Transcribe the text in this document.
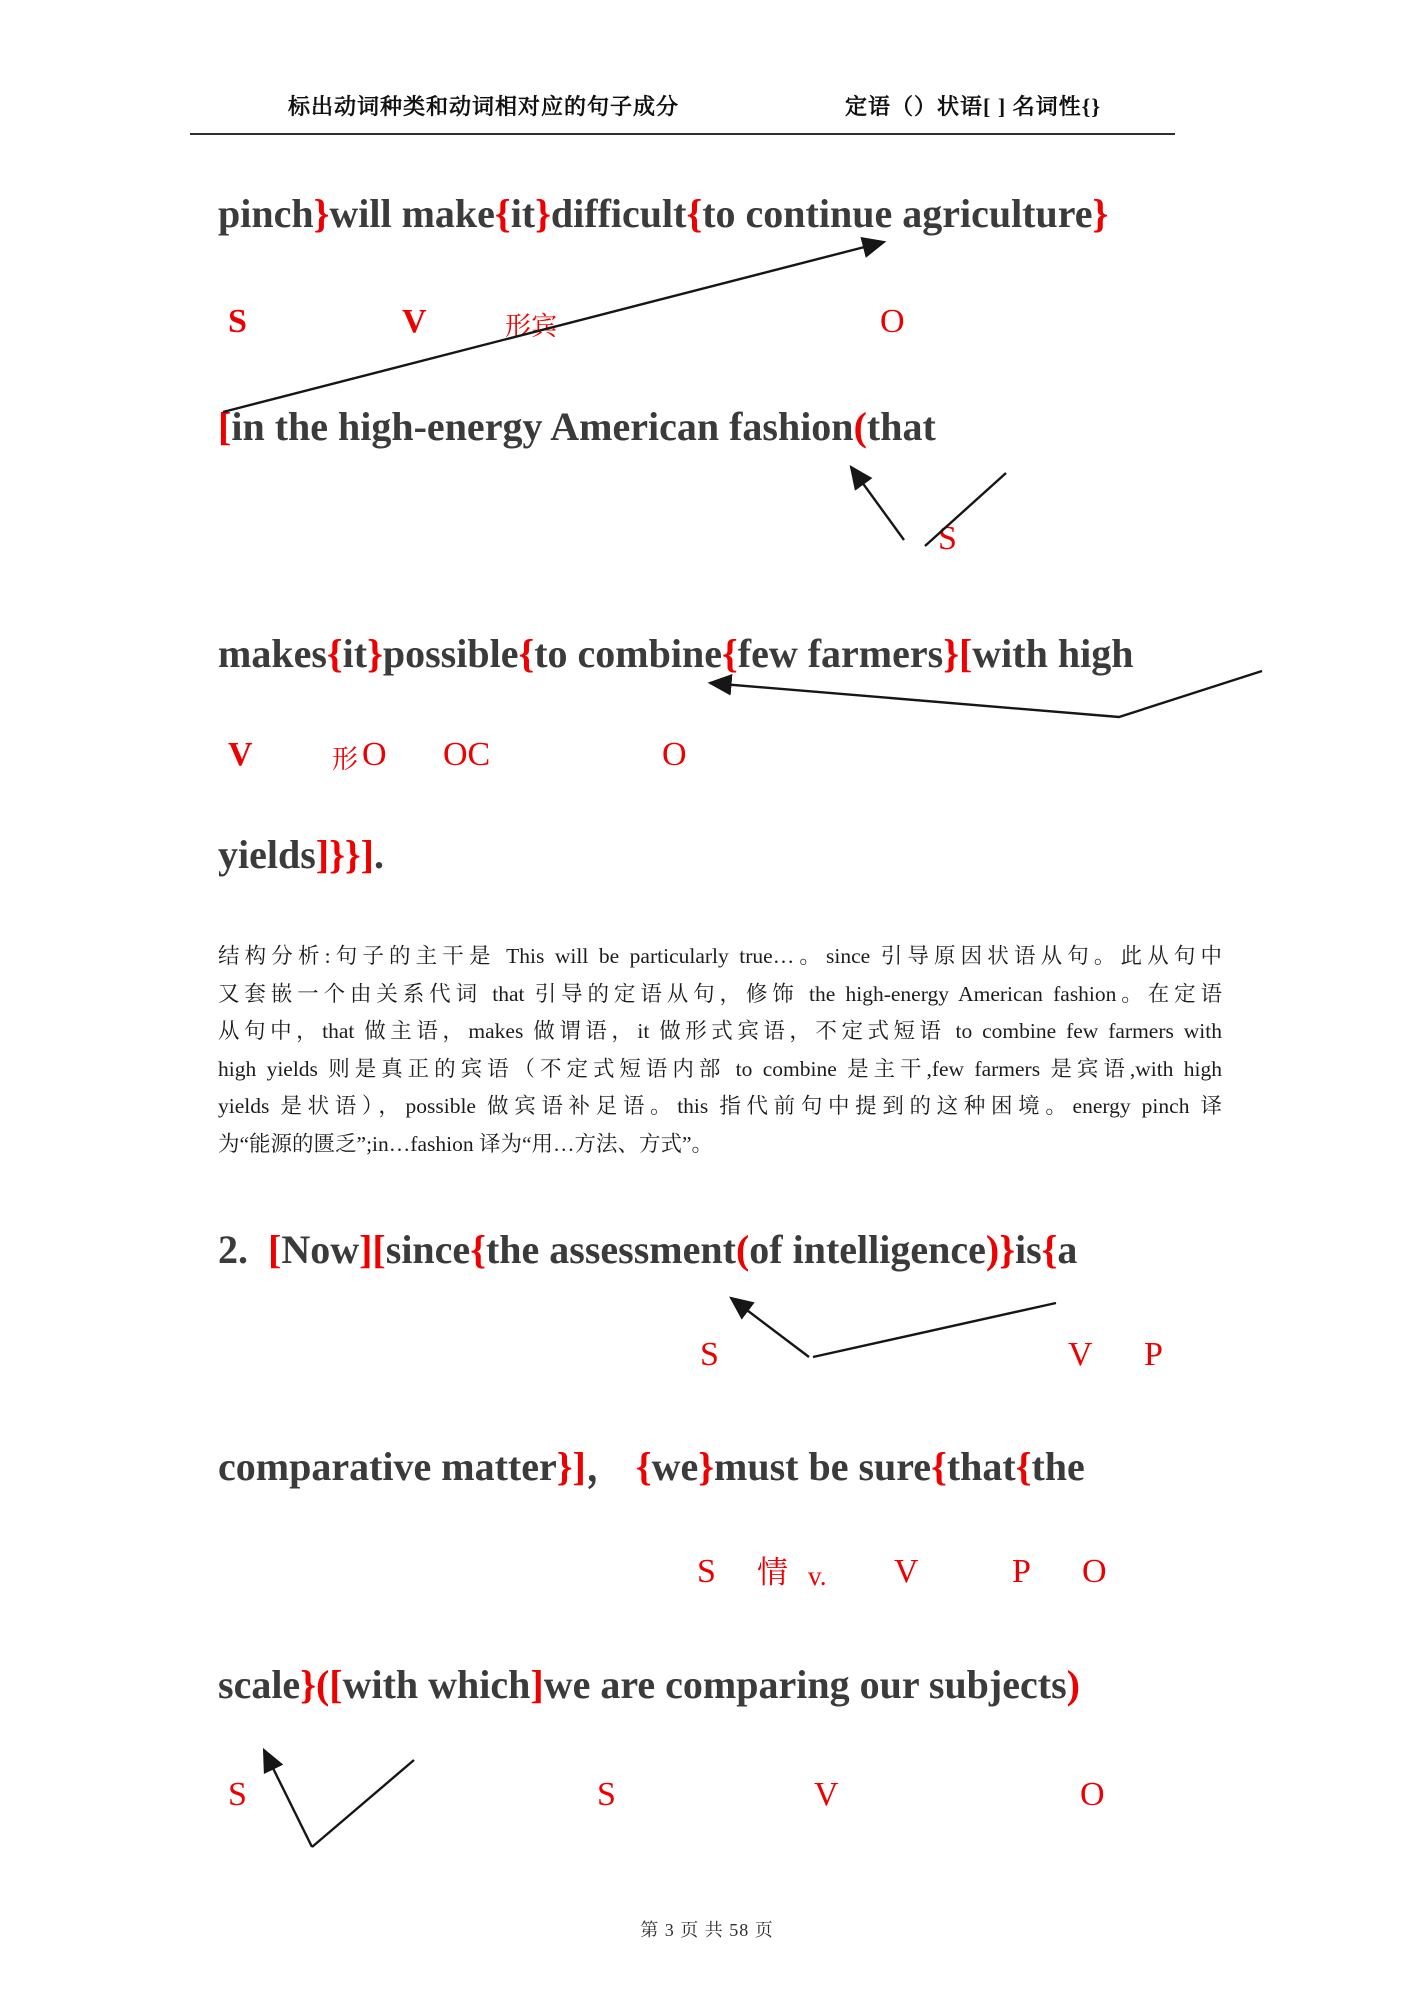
标出动词种类和动词相对应的句子成分	定语（）状语[ ] 名词性{}
pinch}will make{it}difficult{to continue agriculture}
S	V	形宾	O
[in the high-energy American fashion(that
S
makes{it}possible{to combine{few farmers}[with high
V	形 O OC	O
yields]}}].
结构分析:句子的主干是 This will be particularly true…。since 引导原因状语从句。此从句中
又套嵌一个由关系代词 that 引导的定语从句，修饰 the high-energy American fashion。在定语
从句中，that 做主语，makes 做谓语，it 做形式宾语，不定式短语 to combine few farmers with
high yields 则是真正的宾语（不定式短语内部 to combine 是主干,few farmers 是宾语,with high
yields 是状语），possible 做宾语补足语。this 指代前句中提到的这种困境。energy pinch 译
为“能源的匮乏”;in…fashion 译为“用…方法、方式”。
2. [Now][since{the assessment(of intelligence)}is{a
S	V P
comparative matter}]， {we}must be sure{that{the
S 情 v. V	P O
scale}([with which]we are comparing our subjects)
S	S	V	O
第 3 页 共 58 页
